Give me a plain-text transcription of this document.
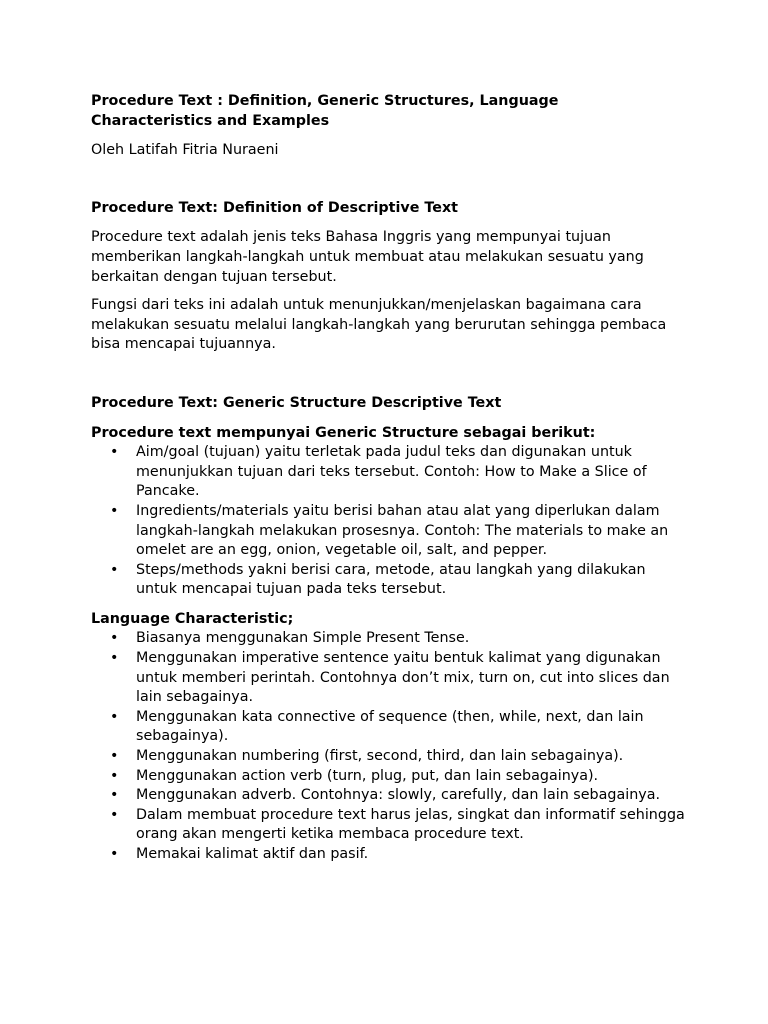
Procedure Text : Definition, Generic Structures, Language Characteristics and Examples

Oleh Latifah Fitria Nuraeni

Procedure Text: Definition of Descriptive Text

Procedure text adalah jenis teks Bahasa Inggris yang mempunyai tujuan memberikan langkah-langkah untuk membuat atau melakukan sesuatu yang berkaitan dengan tujuan tersebut.

Fungsi dari teks ini adalah untuk menunjukkan/menjelaskan bagaimana cara melakukan sesuatu melalui langkah-langkah yang berurutan sehingga pembaca bisa mencapai tujuannya.

Procedure Text: Generic Structure Descriptive Text

Procedure text mempunyai Generic Structure sebagai berikut:

• Aim/goal (tujuan) yaitu terletak pada judul teks dan digunakan untuk menunjukkan tujuan dari teks tersebut. Contoh: How to Make a Slice of Pancake.
• Ingredients/materials yaitu berisi bahan atau alat yang diperlukan dalam langkah-langkah melakukan prosesnya. Contoh: The materials to make an omelet are an egg, onion, vegetable oil, salt, and pepper.
• Steps/methods yakni berisi cara, metode, atau langkah yang dilakukan untuk mencapai tujuan pada teks tersebut.

Language Characteristic;

• Biasanya menggunakan Simple Present Tense.
• Menggunakan imperative sentence yaitu bentuk kalimat yang digunakan untuk memberi perintah. Contohnya don’t mix, turn on, cut into slices dan lain sebagainya.
• Menggunakan kata connective of sequence (then, while, next, dan lain sebagainya).
• Menggunakan numbering (first, second, third, dan lain sebagainya).
• Menggunakan action verb (turn, plug, put, dan lain sebagainya).
• Menggunakan adverb. Contohnya: slowly, carefully, dan lain sebagainya.
• Dalam membuat procedure text harus jelas, singkat dan informatif sehingga orang akan mengerti ketika membaca procedure text.
• Memakai kalimat aktif dan pasif.
